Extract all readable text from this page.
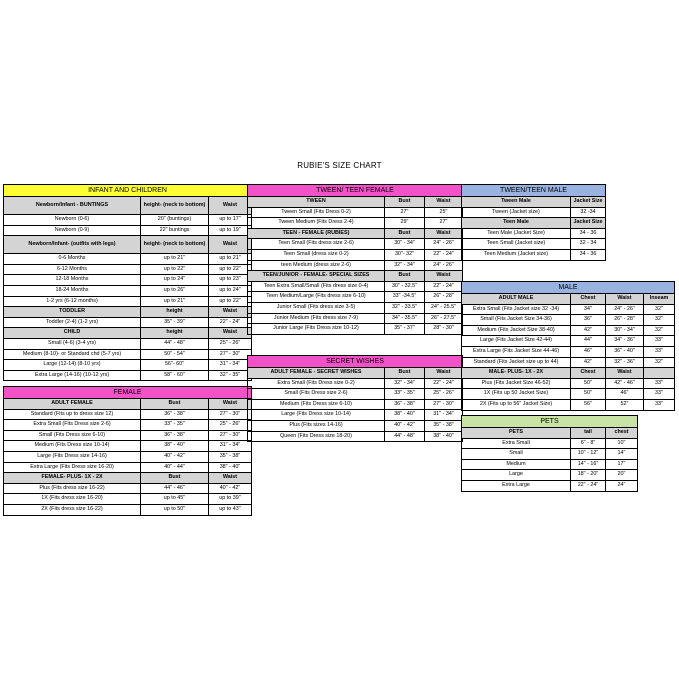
RUBIE'S SIZE CHART
INFANT AND CHILDREN		
Newborn/Infant - BUNTINGS	height- (neck to bottom)	Waist
Newborn (0-6)	20" (buntings)	up to 17"
Newborn (0-9)	22" buntings	up to 19"
Newborn/Infant- (outfits with legs)	height- (neck to bottom)	Waist
0-6 Months	up to 21"	up to 21"
6-12 Months	up to 22"	up to 22"
12-18 Months	up to 24"	up to 23"
18-24 Months	up to 26"	up to 24"
1-2 yrs (6-12 months)	up to 21"	up to 22"
TODDLER	height	Waist
Toddler (2-4) (1-2 yrs)	35" - 39"	22" - 24"
CHILD	height	Waist
Small (4-6) (3-4 yrs)	44" - 48"	25" - 26"
Medium (8-10)- or Standard chd (5-7 yrs)	50" - 54"	27" - 30"
Large (12-14) (8-10 yrs)	56"- 60"	31" - 34"
Extra Large (14-16) (10-12 yrs)	58" - 60"	32" - 35"
FEMALE		
ADULT FEMALE	Bust	Waist
Standard (Fits up to dress size 12)	36" - 38"	27" - 30"
Extra Small (Fits Dress size 2-6)	33" - 35"	25" - 26"
Small (Fits Dress size 6-10)	36" - 38"	27" - 30"
Medium (Fits Dress size 10-14)	38" - 40"	31" - 34"
Large (Fits Dress size 14-16)	40" - 42"	35" - 38"
Extra Large (Fits Dress size 16-20)	40" - 44"	38" - 40"
FEMALE- PLUS- 1X - 2X	Bust	Waist
Plus (Fits dress size 16-22)	44" - 46"	40" - 42"
1X (Fits dress size 16-20)	up to 45"	up to 39"
2X (Fits dress size 16-22)	up to 50"	up to 43"
TWEEN/ TEEN FEMALE		
TWEEN	Bust	Waist
Tween Small (Fits Dress 0-2)	27"	25"
Tween Medium (Fits Dress 2-4)	29"	27"
TEEN - FEMALE (RUBIES)	Bust	Waist
Teen Small (Fits dress size 2-6)	30" - 34"	24" - 26"
Teen Small (dress size 0-2)	30"- 32"	22" - 24"
teen Medium (dress size 2-6)	32" - 34"	24" - 26"
TEEN/JUNIOR - FEMALE- SPECIAL SIZES	Bust	Waist
Teen Extra Small/Small (Fits dress size 0-4)	30" - 32.5"	22" - 24"
Teen Medium/Large (Fits dress size 6-10)	33" -34.5"	26" - 28"
Junior Small (Fits dress size 3-5)	32" - 33.5"	24" - 25.5"
Junior Medium (Fits dress size 7-9)	34" - 35.5"	26" - 27.5"
Junior Large (Fits Dress size 10-12)	35" - 37"	28" - 30"
SECRET WISHES		
ADULT FEMALE - SECRET WISHES	Bust	Waist
Extra Small (Fits Dress size 0-2)	32" - 34"	22" - 24"
Small (Fits Dress size 2-6)	33" - 35"	25" - 26"
Medium (Fits Dress size 6-10)	36" - 38"	27" - 30"
Large (Fits Dress size 10-14)	38" - 40"	31" - 34"
Plus (Fits sizes 14-16)	40" - 42"	35" - 38"
Queen (Fits Dress size 18-20)	44" - 48"	38" - 40"
TWEEN/TEEN MALE	
Tween Male	Jacket Size
Tween (Jacket size)	32 -34
Teen Male	Jacket Size
Teen Male (Jacket Size)	34 - 36
Teen Small (Jacket size)	32 - 34
Teen Medium (Jacket size)	34 - 36
MALE			
ADULT MALE	Chest	Waist	Inseam
Extra Small (Fits Jacket size 32 -34)	34"	24" - 26"	32"
Small (Fits Jacket Size 34-36)	36"	26" - 28"	32"
Medium (Fits Jacket Size 38-40)	42"	30" - 34"	32"
Large (Fits Jacket Size 42-44)	44"	34" - 36"	33"
Extra Large (Fits Jacket Size 44-46)	46"	36" - 40"	33"
Standard (Fits Jacket size up to 44)	42"	32" - 36"	32"
MALE- PLUS- 1X - 2X	Chest	Waist	
Plus (Fits Jacket Size 46-52)	50"	42" - 46"	33"
1X (Fits up 50 Jacket Size)	50"	46"	33"
2X (Fits up to 56" Jacket Size)	56"	52"	33"
PETS		
PETS	tail	chest
Extra Small	6" - 8"	10"
Small	10" - 12"	14"
Medium	14" - 16"	17"
Large	18" - 20"	20"
Extra Large	22" - 24"	24"
